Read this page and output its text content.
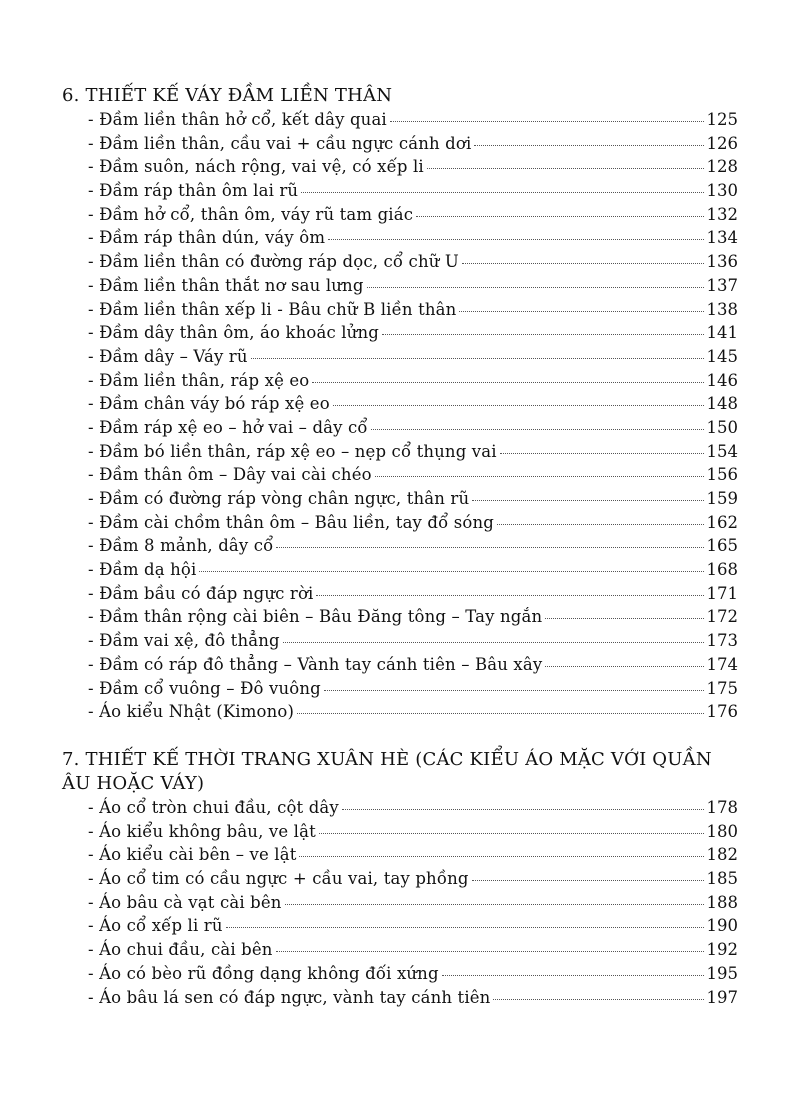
6. THIẾT KẾ VÁY ĐẦM LIỀN THÂN
- Đầm liền thân hở cổ, kết dây quai	125
- Đầm liền thân, cầu vai + cầu ngực cánh dơi	126
- Đầm suôn, nách rộng, vai vệ, có xếp li	128
- Đầm ráp thân ôm lai rũ	130
- Đầm hở cổ, thân ôm, váy rũ tam giác	132
- Đầm ráp thân dún, váy ôm	134
- Đầm liền thân có đường ráp dọc, cổ chữ U	136
- Đầm liền thân thắt nơ sau lưng	137
- Đầm liền thân xếp li - Bâu chữ B liền thân	138
- Đầm dây thân ôm, áo khoác lửng	141
- Đầm dây – Váy rũ	145
- Đầm liền thân, ráp xệ eo	146
- Đầm chân váy bó ráp xệ eo	148
- Đầm ráp xệ eo – hở vai – dây cổ	150
- Đầm bó liền thân, ráp xệ eo – nẹp cổ thụng vai	154
- Đầm thân ôm – Dây vai cài chéo	156
- Đầm có đường ráp vòng chân ngực, thân rũ	159
- Đầm cài chồm thân ôm – Bâu liền, tay đổ sóng	162
- Đầm 8 mảnh, dây cổ	165
- Đầm dạ hội	168
- Đầm bầu có đáp ngực rời	171
- Đầm thân rộng cài biên – Bâu Đăng tông – Tay ngắn	172
- Đầm vai xệ, đô thẳng	173
- Đầm có ráp đô thẳng – Vành tay cánh tiên – Bâu xây	174
- Đầm cổ vuông – Đô vuông	175
- Áo kiểu Nhật (Kimono)	176
7. THIẾT KẾ THỜI TRANG XUÂN HÈ (CÁC KIỂU ÁO MẶC VỚI QUẦN ÂU HOẶC VÁY)
- Áo cổ tròn chui đầu, cột dây	178
- Áo kiểu không bâu, ve lật	180
- Áo kiểu cài bên – ve lật	182
- Áo cổ tim có cầu ngực + cầu vai, tay phồng	185
- Áo bâu cà vạt cài bên	188
- Áo cổ xếp li rũ	190
- Áo chui đầu, cài bên	192
- Áo có bèo rũ đồng dạng không đối xứng	195
- Áo bâu lá sen có đáp ngực, vành tay cánh tiên	197
